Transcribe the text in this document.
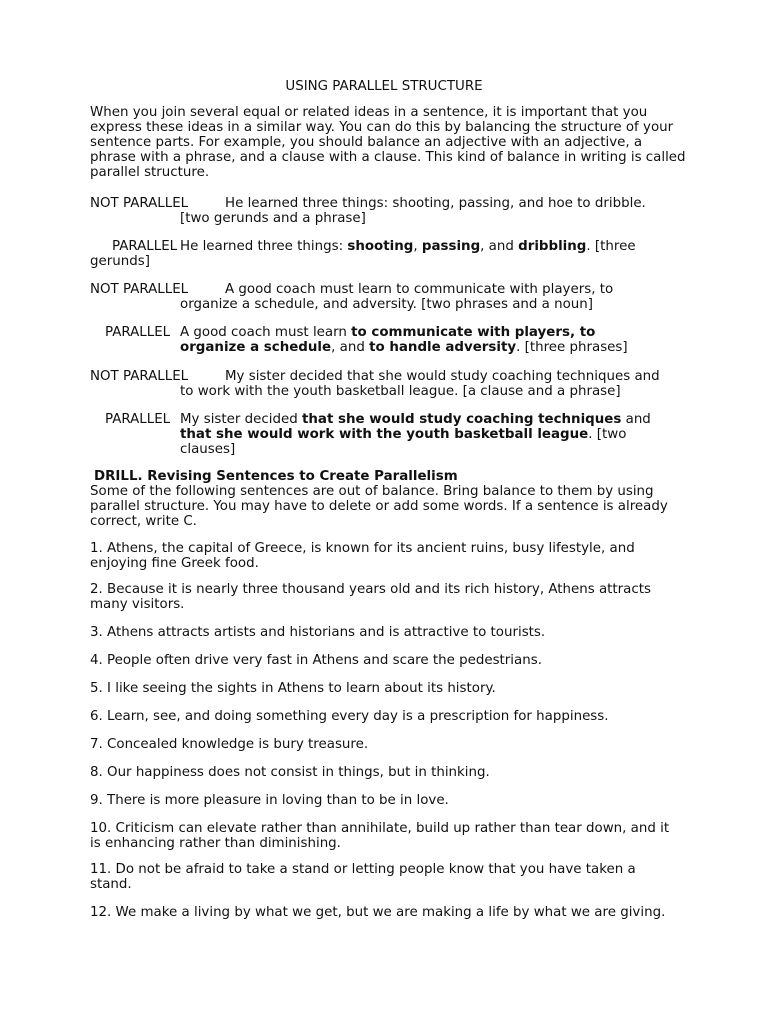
USING PARALLEL STRUCTURE

When you join several equal or related ideas in a sentence, it is important that you express these ideas in a similar way. You can do this by balancing the structure of your sentence parts. For example, you should balance an adjective with an adjective, a phrase with a phrase, and a clause with a clause. This kind of balance in writing is called parallel structure.

NOT PARALLEL	He learned three things: shooting, passing, and hoe to dribble.
[two gerunds and a phrase]
PARALLEL He learned three things: shooting, passing, and dribbling. [three
gerunds]
NOT PARALLEL	A good coach must learn to communicate with players, to
organize a schedule, and adversity. [two phrases and a noun]
PARALLEL A good coach must learn to communicate with players, to
organize a schedule, and to handle adversity. [three phrases]
NOT PARALLEL	My sister decided that she would study coaching techniques and
to work with the youth basketball league. [a clause and a phrase]
PARALLEL My sister decided that she would study coaching techniques and
that she would work with the youth basketball league. [two
clauses]
DRILL. Revising Sentences to Create Parallelism
Some of the following sentences are out of balance. Bring balance to them by using parallel structure. You may have to delete or add some words. If a sentence is already correct, write C.
1. Athens, the capital of Greece, is known for its ancient ruins, busy lifestyle, and enjoying fine Greek food.
2. Because it is nearly three thousand years old and its rich history, Athens attracts many visitors.
3. Athens attracts artists and historians and is attractive to tourists.
4. People often drive very fast in Athens and scare the pedestrians.
5. I like seeing the sights in Athens to learn about its history.
6. Learn, see, and doing something every day is a prescription for happiness.
7. Concealed knowledge is bury treasure.
8. Our happiness does not consist in things, but in thinking.
9. There is more pleasure in loving than to be in love.
10. Criticism can elevate rather than annihilate, build up rather than tear down, and it is enhancing rather than diminishing.
11. Do not be afraid to take a stand or letting people know that you have taken a stand.
12. We make a living by what we get, but we are making a life by what we are giving.
